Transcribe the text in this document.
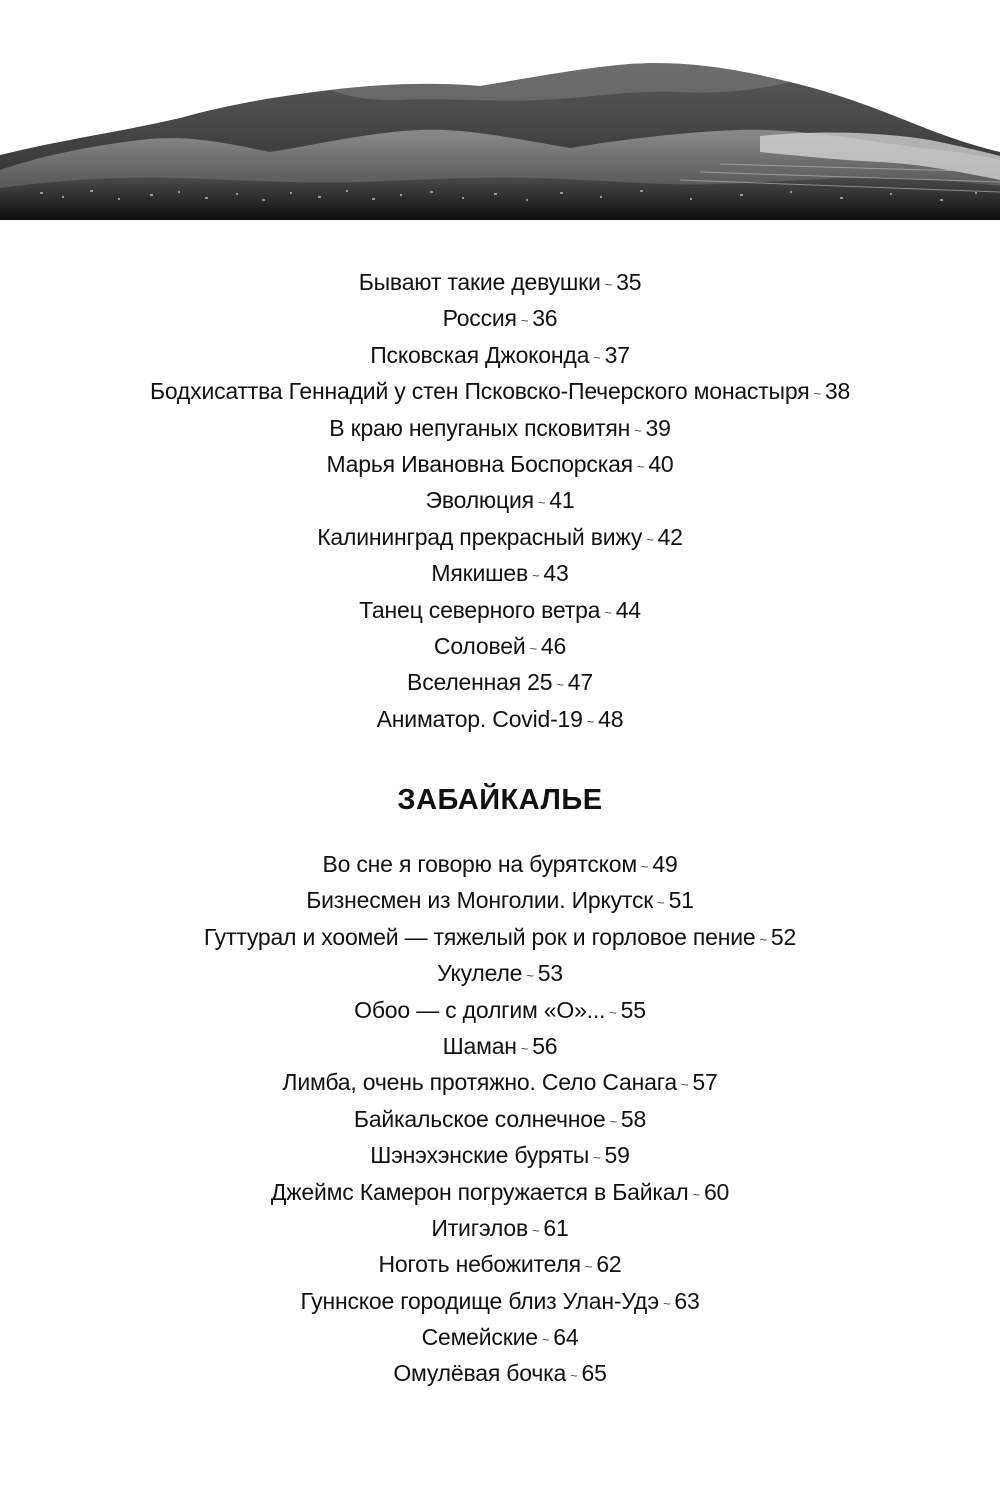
Бывают такие девушки ~ 35
Россия ~ 36
Псковская Джоконда ~ 37
Бодхисаттва Геннадий у стен Псковско-Печерского монастыря ~ 38
В краю непуганых псковитян ~ 39
Марья Ивановна Боспорская ~ 40
Эволюция ~ 41
Калининград прекрасный вижу ~ 42
Мякишев ~ 43
Танец северного ветра ~ 44
Соловей ~ 46
Вселенная 25 ~ 47
Аниматор. Covid-19 ~ 48
ЗАБАЙКАЛЬЕ
Во сне я говорю на бурятском ~ 49
Бизнесмен из Монголии. Иркутск ~ 51
Гуттурал и хоомей — тяжелый рок и горловое пение ~ 52
Укулеле ~ 53
Обоо — с долгим «О»... ~ 55
Шаман ~ 56
Лимба, очень протяжно. Село Санага ~ 57
Байкальское солнечное ~ 58
Шэнэхэнские буряты ~ 59
Джеймс Камерон погружается в Байкал ~ 60
Итигэлов ~ 61
Ноготь небожителя ~ 62
Гуннское городище близ Улан-Удэ ~ 63
Семейские ~ 64
Омулёвая бочка ~ 65
